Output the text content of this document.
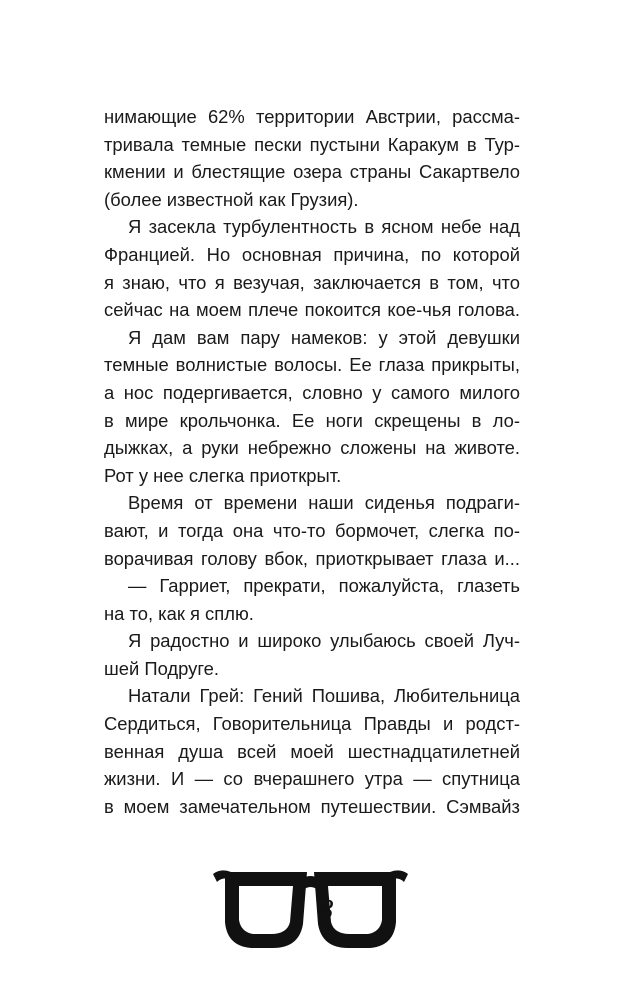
нимающие 62% территории Австрии, рассма-
тривала темные пески пустыни Каракум в Тур-
кмении и блестящие озера страны Сакартвело
(более известной как Грузия).
Я засекла турбулентность в ясном небе над
Францией. Но основная причина, по которой
я знаю, что я везучая, заключается в том, что
сейчас на моем плече покоится кое-чья голова.
Я дам вам пару намеков: у этой девушки
темные волнистые волосы. Ее глаза прикрыты,
а нос подергивается, словно у самого милого
в мире крольчонка. Ее ноги скрещены в ло-
дыжках, а руки небрежно сложены на животе.
Рот у нее слегка приоткрыт.
Время от времени наши сиденья подраги-
вают, и тогда она что-то бормочет, слегка по-
ворачивая голову вбок, приоткрывает глаза и...
— Гарриет, прекрати, пожалуйста, глазеть
на то, как я сплю.
Я радостно и широко улыбаюсь своей Луч-
шей Подруге.
Натали Грей: Гений Пошива, Любительница
Сердиться, Говорительница Правды и родст-
венная душа всей моей шестнадцатилетней
жизни. И — со вчерашнего утра — спутница
в моем замечательном путешествии. Сэмвайз
8
